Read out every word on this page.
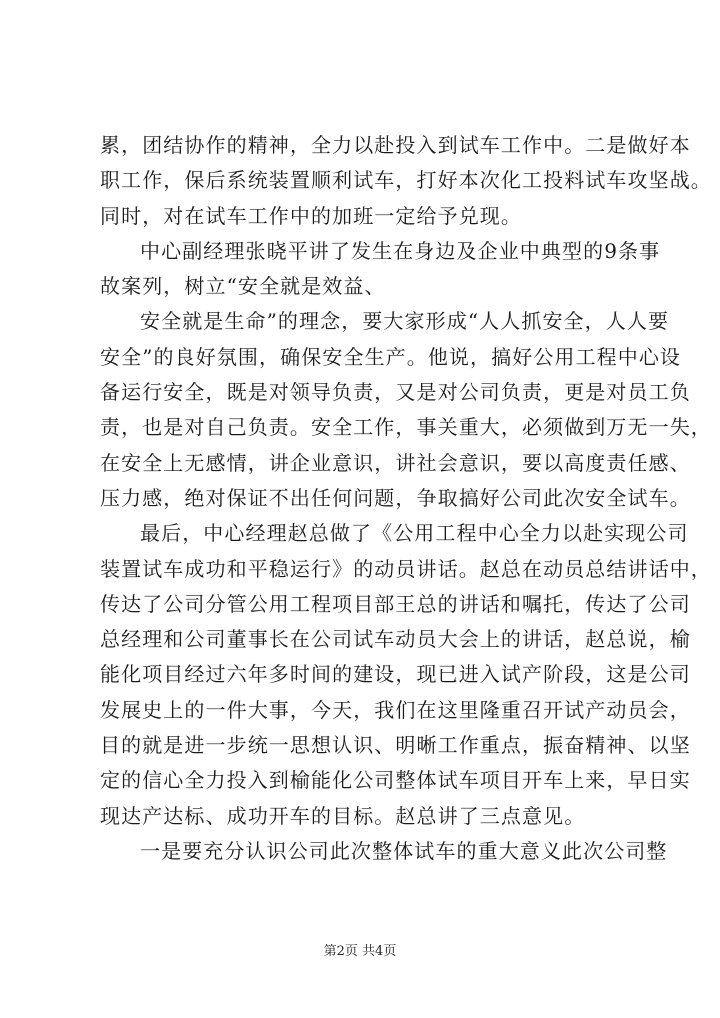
累，团结协作的精神，全力以赴投入到试车工作中。二是做好本
职工作，保后系统装置顺利试车，打好本次化工投料试车攻坚战。
同时，对在试车工作中的加班一定给予兑现。

中心副经理张晓平讲了发生在身边及企业中典型的9条事
故案列，树立“安全就是效益、

安全就是生命”的理念，要大家形成“人人抓安全，人人要
安全”的良好氛围，确保安全生产。他说，搞好公用工程中心设
备运行安全，既是对领导负责，又是对公司负责，更是对员工负
责，也是对自己负责。安全工作，事关重大，必须做到万无一失，
在安全上无感情，讲企业意识，讲社会意识，要以高度责任感、
压力感，绝对保证不出任何问题，争取搞好公司此次安全试车。

最后，中心经理赵总做了《公用工程中心全力以赴实现公司
装置试车成功和平稳运行》的动员讲话。赵总在动员总结讲话中，
传达了公司分管公用工程项目部王总的讲话和嘱托，传达了公司
总经理和公司董事长在公司试车动员大会上的讲话，赵总说，榆
能化项目经过六年多时间的建设，现已进入试产阶段，这是公司
发展史上的一件大事，今天，我们在这里隆重召开试产动员会，
目的就是进一步统一思想认识、明晰工作重点，振奋精神、以坚
定的信心全力投入到榆能化公司整体试车项目开车上来，早日实
现达产达标、成功开车的目标。赵总讲了三点意见。

一是要充分认识公司此次整体试车的重大意义此次公司整

第2页 共4页
